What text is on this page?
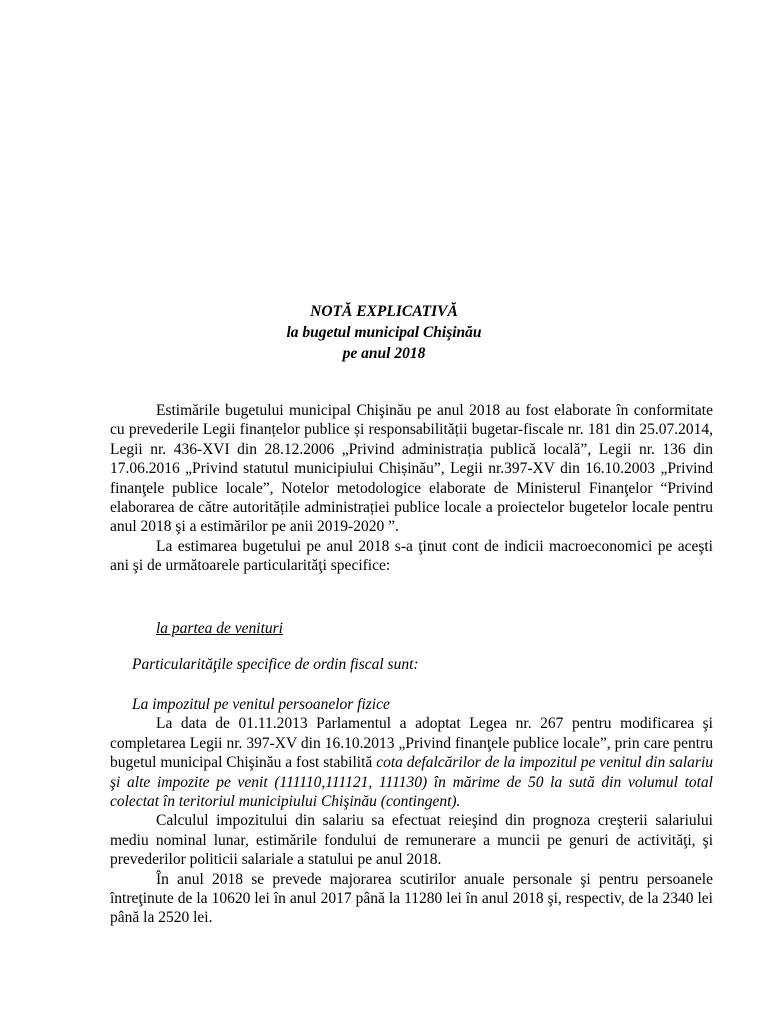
NOTĂ EXPLICATIVĂ
la bugetul municipal Chişinău
pe anul 2018

Estimările bugetului municipal Chişinău pe anul 2018 au fost elaborate în conformitate cu prevederile Legii finanțelor publice și responsabilității bugetar-fiscale nr. 181 din 25.07.2014, Legii nr. 436-XVI din 28.12.2006 „Privind administrația publică locală”, Legii nr. 136 din 17.06.2016 „Privind statutul municipiului Chișinău”, Legii nr.397-XV din 16.10.2003 „Privind finanţele publice locale”, Notelor metodologice elaborate de Ministerul Finanţelor “Privind elaborarea de către autoritățile administrației publice locale a proiectelor bugetelor locale pentru anul 2018 şi a estimărilor pe anii 2019-2020 ”.

La estimarea bugetului pe anul 2018 s-a ţinut cont de indicii macroeconomici pe aceşti ani şi de următoarele particularităţi specifice:

la partea de venituri
Particularităţile specifice de ordin fiscal sunt:

La impozitul pe venitul persoanelor fizice

La data de 01.11.2013 Parlamentul a adoptat Legea nr. 267 pentru modificarea şi completarea Legii nr. 397-XV din 16.10.2013 „Privind finanţele publice locale”, prin care pentru bugetul municipal Chişinău a fost stabilită cota defalcărilor de la impozitul pe venitul din salariu şi alte impozite pe venit (111110,111121, 111130) în mărime de 50 la sută din volumul total colectat în teritoriul municipiului Chişinău (contingent).

Calculul impozitului din salariu sa efectuat reieşind din prognoza creşterii salariului mediu nominal lunar, estimările fondului de remunerare a muncii pe genuri de activităţi, şi prevederilor politicii salariale a statului pe anul 2018.

În anul 2018 se prevede majorarea scutirilor anuale personale şi pentru persoanele întreţinute de la 10620 lei în anul 2017 până la 11280 lei în anul 2018 şi, respectiv, de la 2340 lei până la 2520 lei.
